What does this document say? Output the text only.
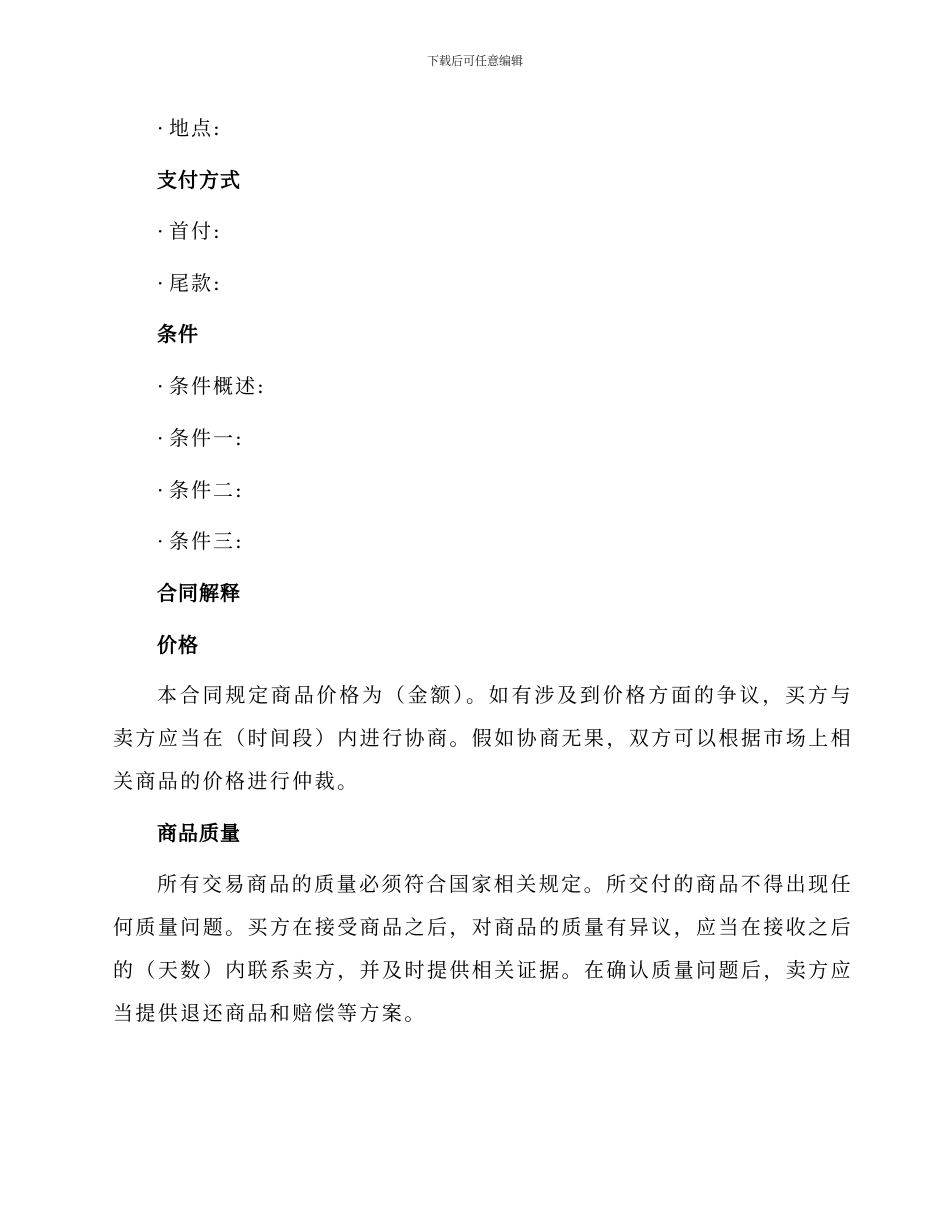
下载后可任意编辑
· 地点:
支付方式
· 首付:
· 尾款:
条件
· 条件概述:
· 条件一:
· 条件二:
· 条件三:
合同解释
价格
本合同规定商品价格为（金额）。如有涉及到价格方面的争议，买方与卖方应当在（时间段）内进行协商。假如协商无果，双方可以根据市场上相关商品的价格进行仲裁。
商品质量
所有交易商品的质量必须符合国家相关规定。所交付的商品不得出现任何质量问题。买方在接受商品之后，对商品的质量有异议，应当在接收之后的（天数）内联系卖方，并及时提供相关证据。在确认质量问题后，卖方应当提供退还商品和赔偿等方案。
